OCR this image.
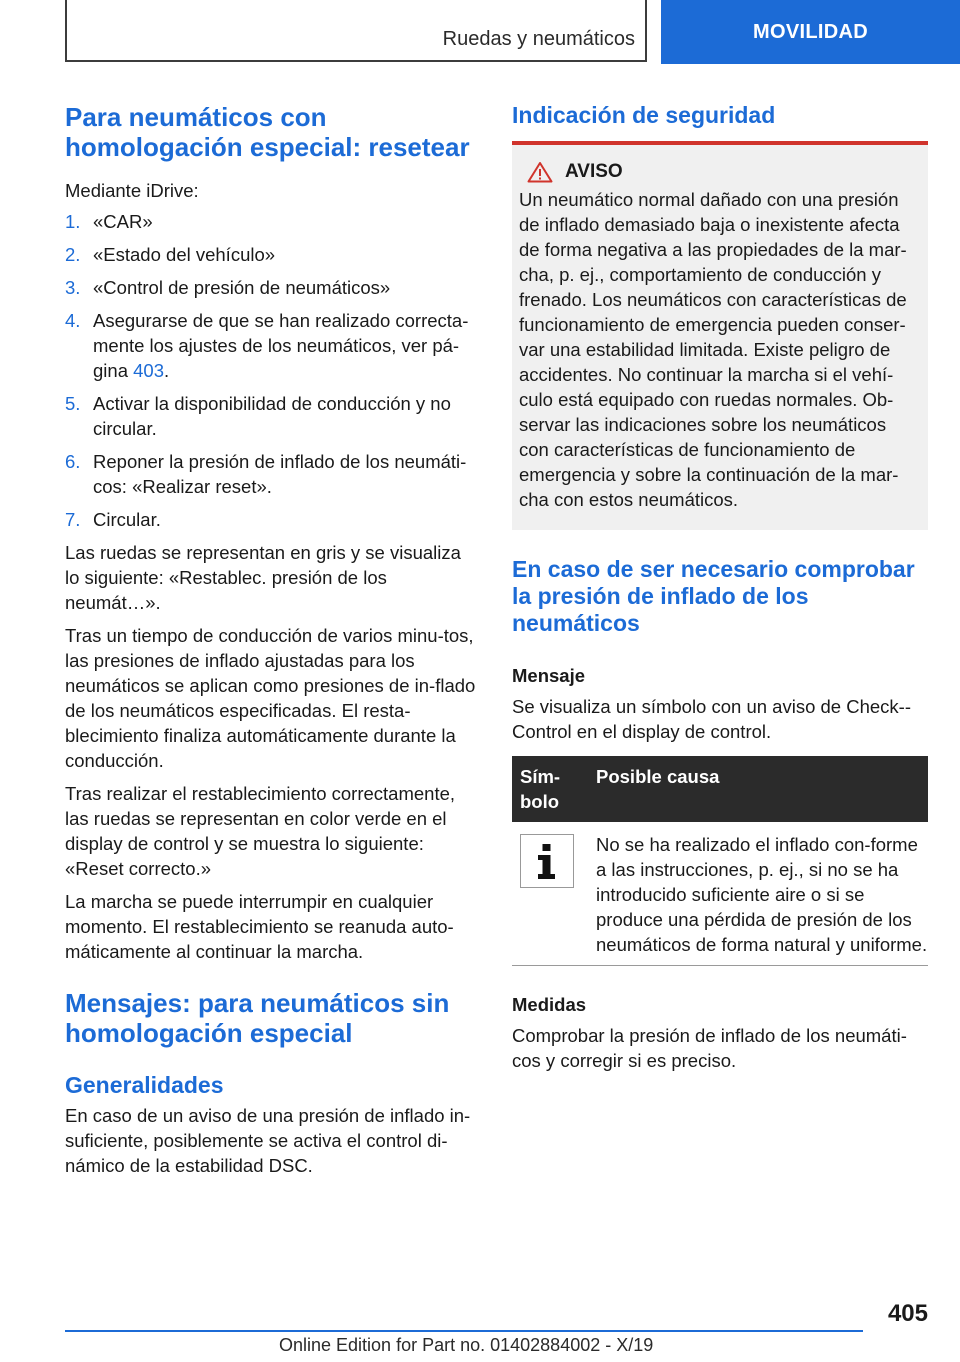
Ruedas y neumáticos	MOVILIDAD
Para neumáticos con homologación especial: resetear

Mediante iDrive:

1. «CAR»
2. «Estado del vehículo»
3. «Control de presión de neumáticos»
4. Asegurarse de que se han realizado correcta‐mente los ajustes de los neumáticos, ver pá‐gina 403.
5. Activar la disponibilidad de conducción y no circular.
6. Reponer la presión de inflado de los neumáti‐cos: «Realizar reset».
7. Circular.

Las ruedas se representan en gris y se visualiza lo siguiente: «Restablec. presión de los neumát…».

Tras un tiempo de conducción de varios minu‐tos, las presiones de inflado ajustadas para los neumáticos se aplican como presiones de in‐flado de los neumáticos especificadas. El resta‐blecimiento finaliza automáticamente durante la conducción.

Tras realizar el restablecimiento correctamente, las ruedas se representan en color verde en el display de control y se muestra lo siguiente: «Reset correcto.»

La marcha se puede interrumpir en cualquier momento. El restablecimiento se reanuda auto‐máticamente al continuar la marcha.

Mensajes: para neumáticos sin homologación especial
Generalidades

En caso de un aviso de una presión de inflado in‐suficiente, posiblemente se activa el control di‐námico de la estabilidad DSC.

Indicación de seguridad
AVISO

Un neumático normal dañado con una presión de inflado demasiado baja o inexistente afecta de forma negativa a las propiedades de la mar‐cha, p. ej., comportamiento de conducción y frenado. Los neumáticos con características de funcionamiento de emergencia pueden conser‐var una estabilidad limitada. Existe peligro de accidentes. No continuar la marcha si el vehí‐culo está equipado con ruedas normales. Ob‐servar las indicaciones sobre los neumáticos con características de funcionamiento de emergencia y sobre la continuación de la mar‐cha con estos neumáticos.

En caso de ser necesario comprobar la presión de inflado de los neumáticos
Mensaje

Se visualiza un símbolo con un aviso de Check-‐Control en el display de control.

Sím‐bolo
Posible causa
No se ha realizado el inflado con‐forme a las instrucciones, p. ej., si no se ha introducido suficiente aire o si se produce una pérdida de presión de los neumáticos de forma natural y uniforme.
Medidas

Comprobar la presión de inflado de los neumáti‐cos y corregir si es preciso.

405
Online Edition for Part no. 01402884002 - X/19
